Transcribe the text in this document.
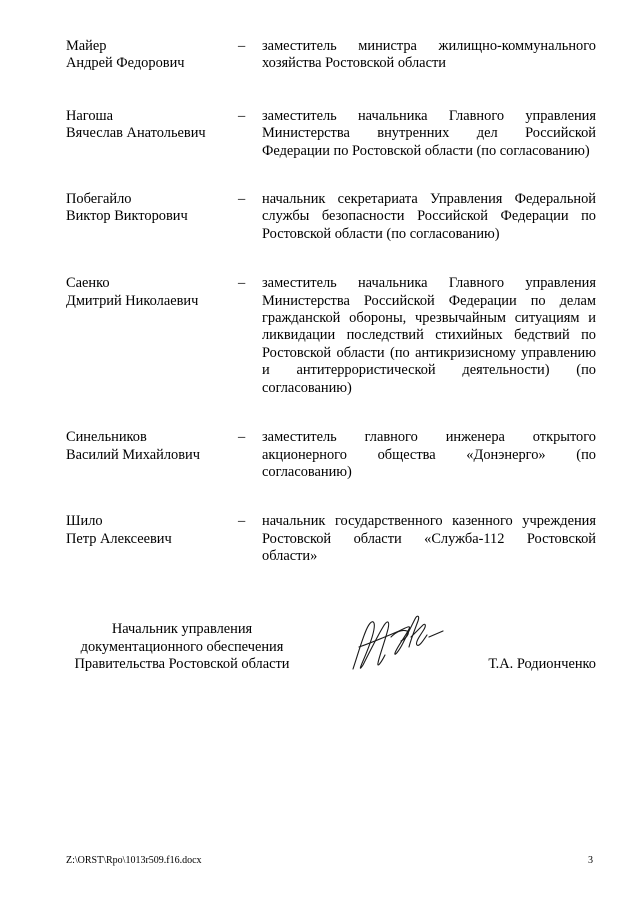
Майер
Андрей Федорович
–	заместитель министра жилищно-коммунального хозяйства Ростовской области
Нагоша
Вячеслав Анатольевич
–	заместитель начальника Главного управления Министерства внутренних дел Российской Федерации по Ростовской области (по согласованию)
Побегайло
Виктор Викторович
–	начальник секретариата Управления Федеральной службы безопасности Российской Федерации по Ростовской области (по согласованию)
Саенко
Дмитрий Николаевич
–	заместитель начальника Главного управления Министерства Российской Федерации по делам гражданской обороны, чрезвычайным ситуациям и ликвидации последствий стихийных бедствий по Ростовской области (по антикризисному управлению и антитеррористической деятельности) (по согласованию)
Синельников
Василий Михайлович
–	заместитель главного инженера открытого акционерного общества «Донэнерго» (по согласованию)
Шило
Петр Алексеевич
–	начальник государственного казенного учреждения Ростовской области «Служба-112 Ростовской области»
Начальник управления
документационного обеспечения
Правительства Ростовской области	Т.А. Родионченко
Z:\ORST\Rpo\1013r509.f16.docx	3
